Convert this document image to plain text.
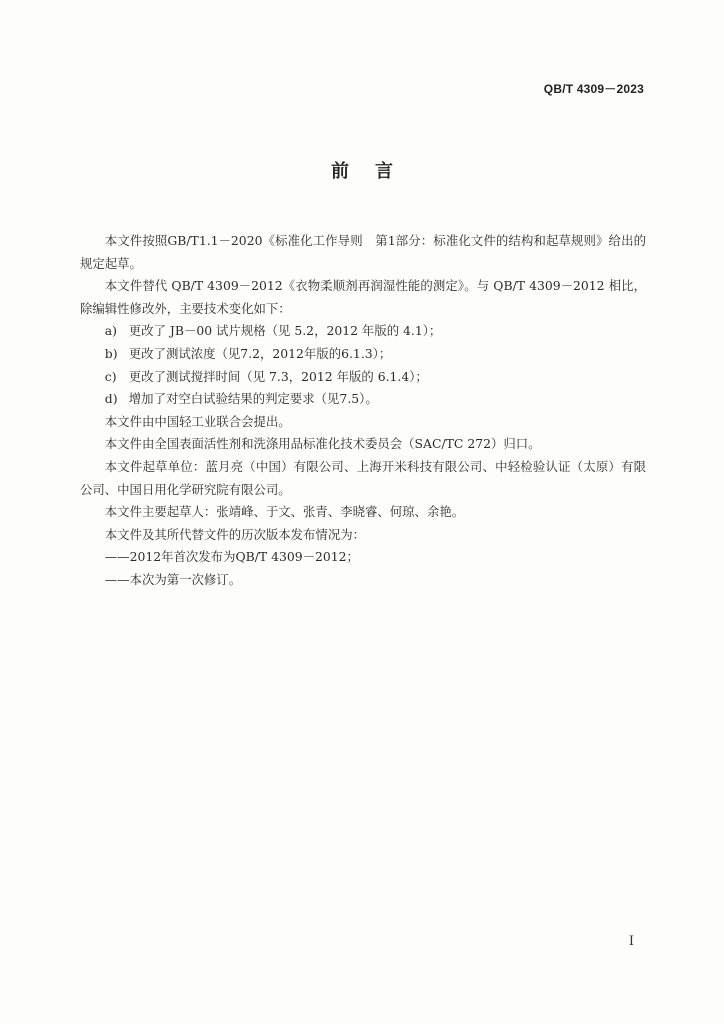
QB/T 4309－2023
前言

本文件按照GB/T1.1－2020《标准化工作导则　第1部分：标准化文件的结构和起草规则》给出的规定起草。

本文件替代 QB/T 4309－2012《衣物柔顺剂再润湿性能的测定》。与 QB/T 4309－2012 相比，除编辑性修改外，主要技术变化如下：

a) 更改了 JB－00 试片规格（见 5.2，2012 年版的 4.1）；

b) 更改了测试浓度（见7.2，2012年版的6.1.3）；

c) 更改了测试搅拌时间（见 7.3，2012 年版的 6.1.4）；

d) 增加了对空白试验结果的判定要求（见7.5）。

本文件由中国轻工业联合会提出。

本文件由全国表面活性剂和洗涤用品标准化技术委员会（SAC/TC 272）归口。

本文件起草单位：蓝月亮（中国）有限公司、上海开米科技有限公司、中轻检验认证（太原）有限公司、中国日用化学研究院有限公司。

本文件主要起草人：张靖峰、于文、张青、李晓睿、何琼、余艳。

本文件及其所代替文件的历次版本发布情况为：

——2012年首次发布为QB/T 4309－2012；

——本次为第一次修订。

I
